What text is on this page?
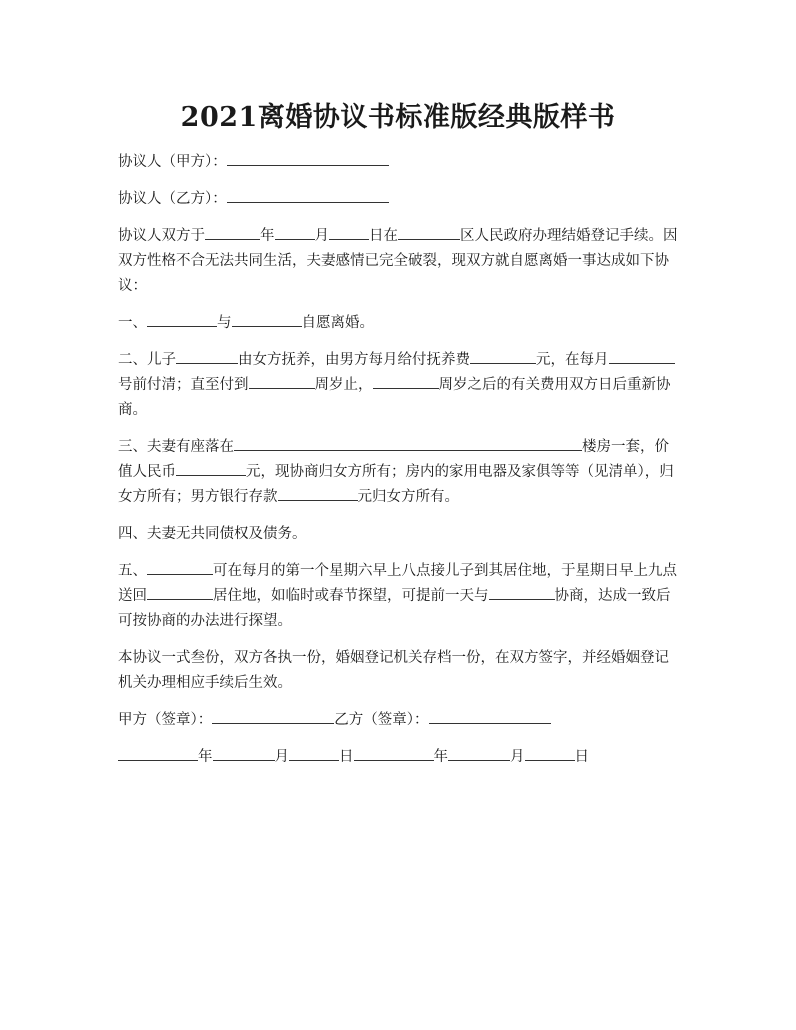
2021离婚协议书标准版经典版样书

协议人（甲方）：

协议人（乙方）：

协议人双方于	年	月	日在	区人民政府办理结婚登记手续。因双方性格不合无法共同生活，夫妻感情已完全破裂，现双方就自愿离婚一事达成如下协议：

一、	与	自愿离婚。

二、儿子	由女方抚养，由男方每月给付抚养费	元，在每月号前付清；直至付到	周岁止，	周岁之后的有关费用双方日后重新协商。

三、夫妻有座落在	楼房一套，价值人民币	元，现协商归女方所有；房内的家用电器及家俱等等（见清单），归女方所有；男方银行存款	元归女方所有。

四、夫妻无共同债权及债务。

五、	可在每月的第一个星期六早上八点接儿子到其居住地，于星期日早上九点送回	居住地，如临时或春节探望，可提前一天与	协商，达成一致后可按协商的办法进行探望。

本协议一式叁份，双方各执一份，婚姻登记机关存档一份，在双方签字，并经婚姻登记机关办理相应手续后生效。

甲方（签章）：	乙方（签章）：

年	月	日	年	月	日
